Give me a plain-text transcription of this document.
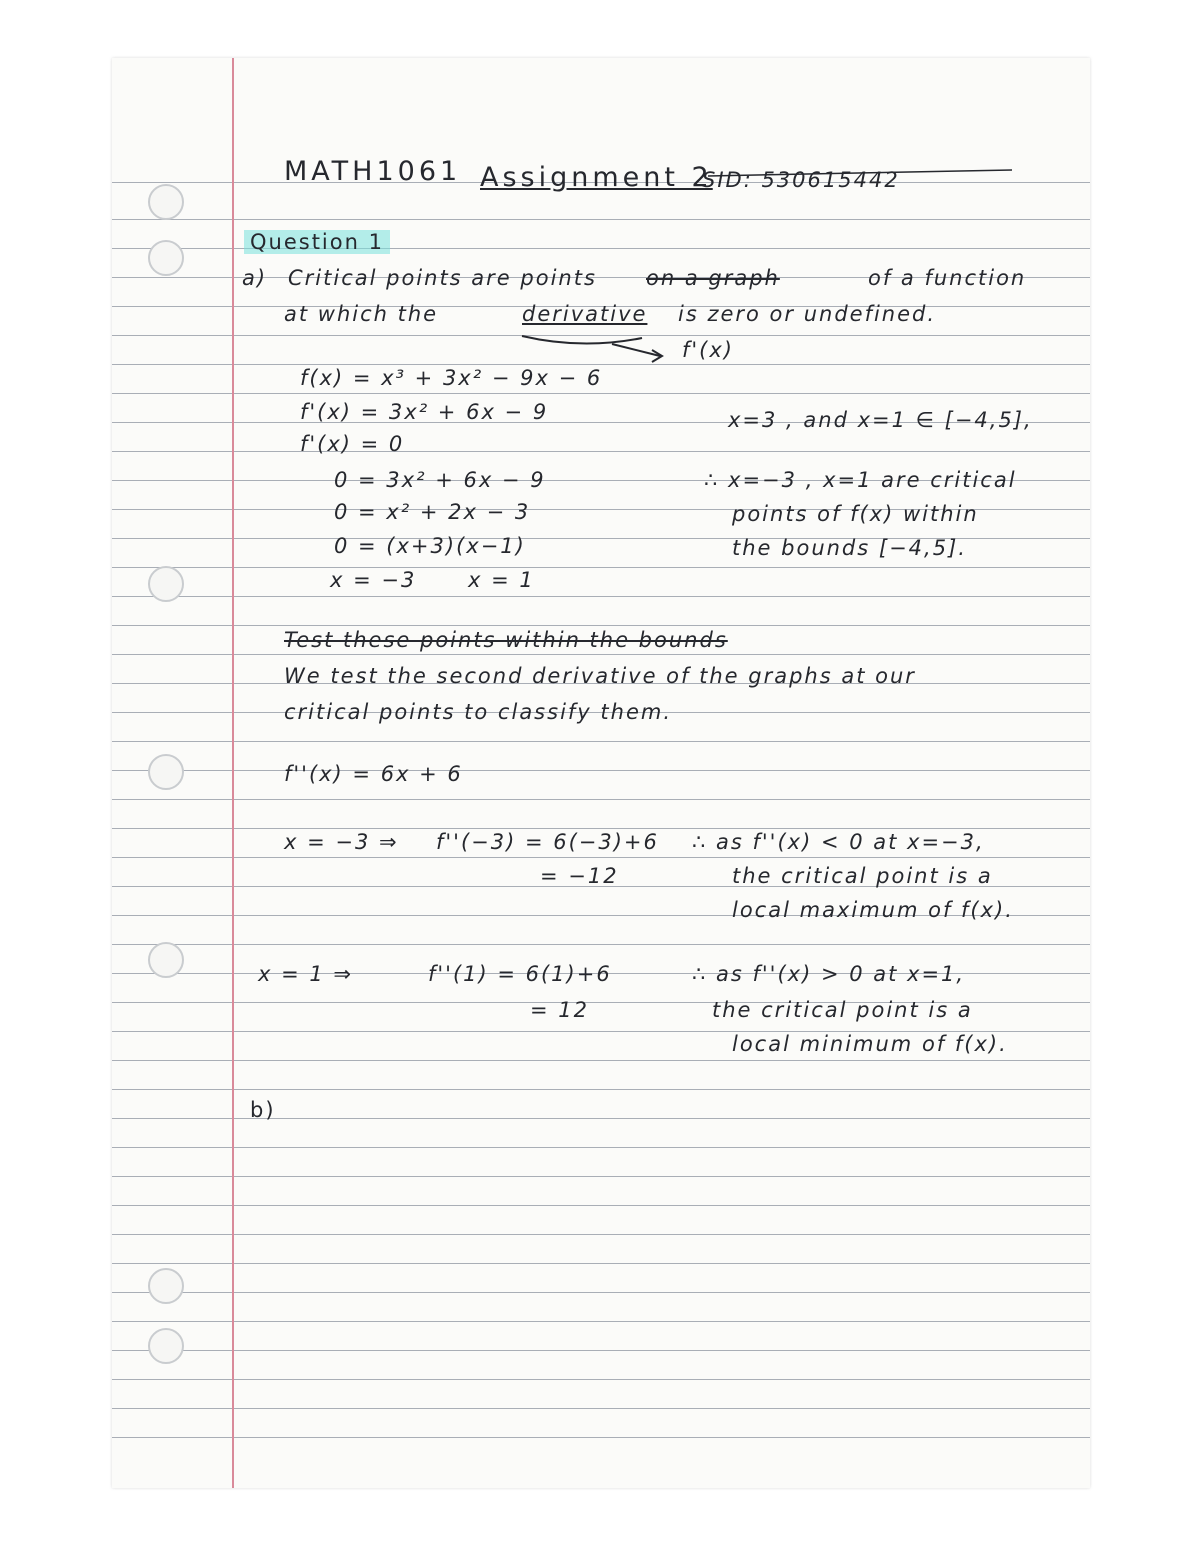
MATH1061 Assignment 2
SID: 530615442
Question 1
a) Critical points are points on a graph	of a function
at which the	derivative is zero or undefined.
f'(x)
f(x) = x³ + 3x² − 9x − 6
f'(x) = 3x² + 6x − 9
f'(x) = 0
0 = 3x² + 6x − 9
0 = x² + 2x − 3
0 = (x+3)(x−1)
x = −3 x = 1
x=3 , and x=1 ∈ [−4,5],
∴ x=−3 , x=1 are critical
points of f(x) within
the bounds [−4,5].
Test these points within the bounds
We test the second derivative of the graphs at our
critical points to classify them.
f''(x) = 6x + 6
x = −3 ⇒ f''(−3) = 6(−3)+6
= −12
∴ as f''(x) < 0 at x=−3,
the critical point is a
local maximum of f(x).
x = 1 ⇒	f''(1) = 6(1)+6
= 12
∴ as f''(x) > 0 at x=1,
the critical point is a
local minimum of f(x).
b)
